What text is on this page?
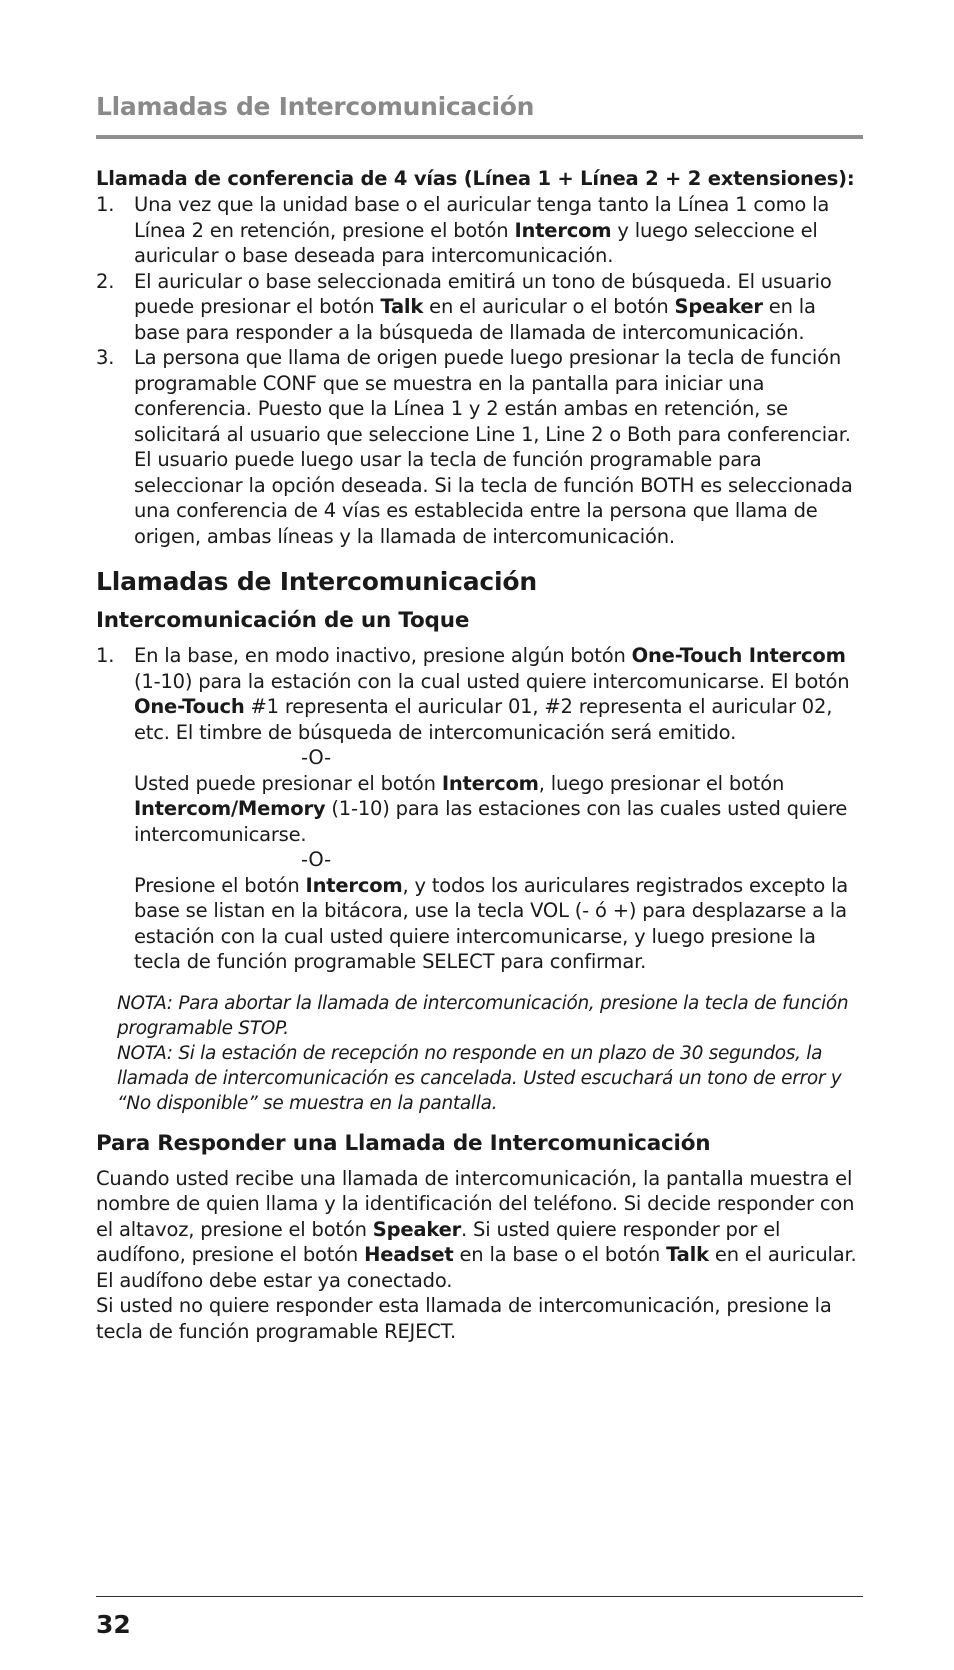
Llamadas de Intercomunicación

Llamada de conferencia de 4 vías (Línea 1 + Línea 2 + 2 extensiones):

1. Una vez que la unidad base o el auricular tenga tanto la Línea 1 como la Línea 2 en retención, presione el botón Intercom y luego seleccione el auricular o base deseada para intercomunicación.
2. El auricular o base seleccionada emitirá un tono de búsqueda. El usuario puede presionar el botón Talk en el auricular o el botón Speaker en la base para responder a la búsqueda de llamada de intercomunicación.
3. La persona que llama de origen puede luego presionar la tecla de función programable CONF que se muestra en la pantalla para iniciar una conferencia. Puesto que la Línea 1 y 2 están ambas en retención, se solicitará al usuario que seleccione Line 1, Line 2 o Both para conferenciar. El usuario puede luego usar la tecla de función programable para seleccionar la opción deseada. Si la tecla de función BOTH es seleccionada una conferencia de 4 vías es establecida entre la persona que llama de origen, ambas líneas y la llamada de intercomunicación.
Llamadas de Intercomunicación
Intercomunicación de un Toque
1. En la base, en modo inactivo, presione algún botón One-Touch Intercom (1-10) para la estación con la cual usted quiere intercomunicarse. El botón One-Touch #1 representa el auricular 01, #2 representa el auricular 02, etc. El timbre de búsqueda de intercomunicación será emitido.

-O-

Usted puede presionar el botón Intercom, luego presionar el botón Intercom/Memory (1-10) para las estaciones con las cuales usted quiere intercomunicarse.

-O-

Presione el botón Intercom, y todos los auriculares registrados excepto la base se listan en la bitácora, use la tecla VOL (- ó +) para desplazarse a la estación con la cual usted quiere intercomunicarse, y luego presione la tecla de función programable SELECT para confirmar.

NOTA: Para abortar la llamada de intercomunicación, presione la tecla de función programable STOP.

NOTA: Si la estación de recepción no responde en un plazo de 30 segundos, la llamada de intercomunicación es cancelada. Usted escuchará un tono de error y “No disponible” se muestra en la pantalla.

Para Responder una Llamada de Intercomunicación

Cuando usted recibe una llamada de intercomunicación, la pantalla muestra el nombre de quien llama y la identificación del teléfono. Si decide responder con el altavoz, presione el botón Speaker. Si usted quiere responder por el audífono, presione el botón Headset en la base o el botón Talk en el auricular. El audífono debe estar ya conectado.

Si usted no quiere responder esta llamada de intercomunicación, presione la tecla de función programable REJECT.

32
